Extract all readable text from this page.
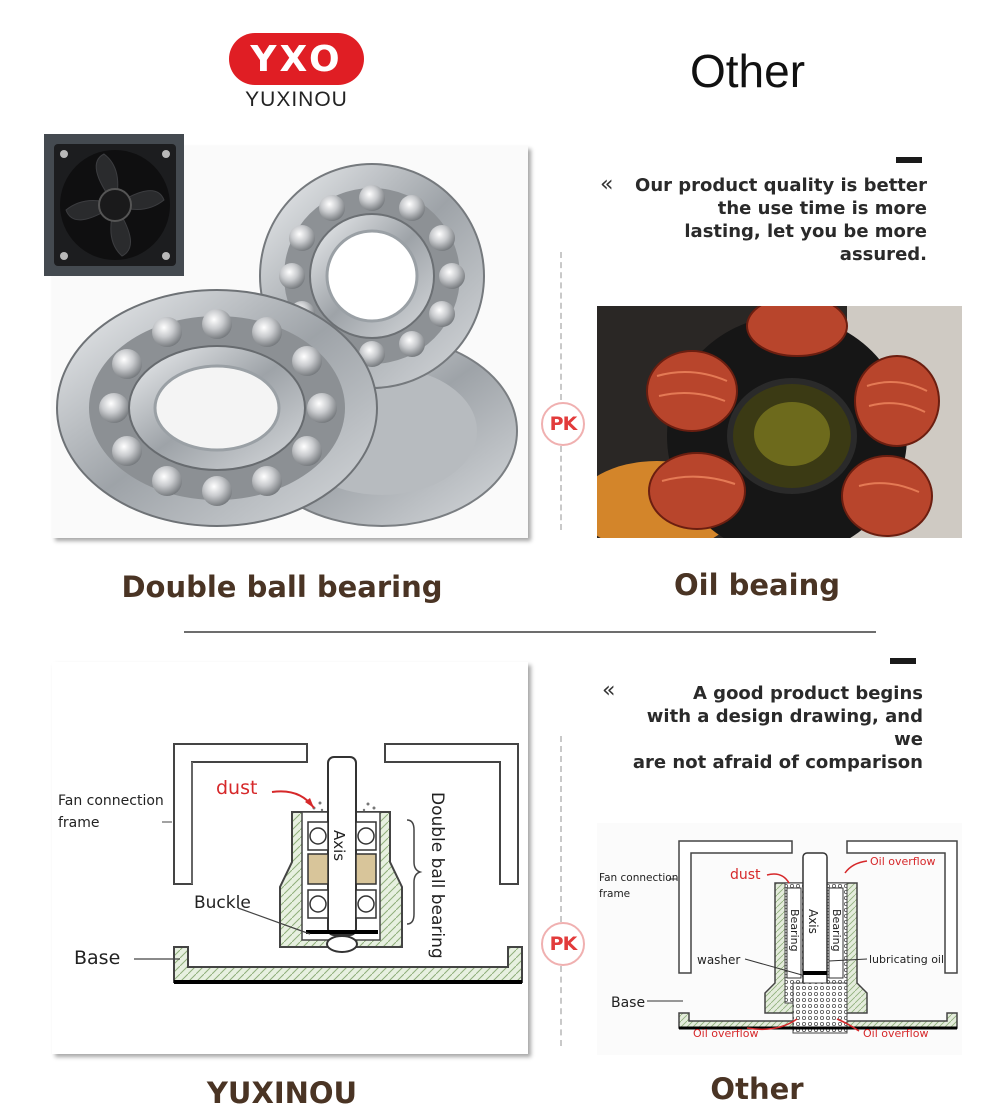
YXO
YUXINOU
Other
PK
«	Our product quality is better
the use time is more
lasting, let you be more
assured.
Double ball bearing	Oil beaing
dust
Fan connection
frame
Axis	Double ball bearing
Buckle
Base
PK
«	A good product begins
with a design drawing, and we
are not afraid of comparison
Fan connection
frame
dust
Oil overflow
Bearing Axis Bearing
washer	lubricating oil
Base
Oil overflow	Oil overflow
YUXINOU	Other
